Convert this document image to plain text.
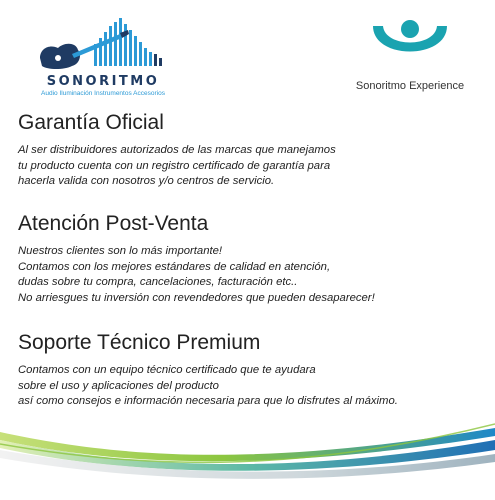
SONORITMO
Audio Iluminación Instrumentos Accesorios
Sonoritmo Experience
Garantía Oficial
Al ser distribuidores autorizados de las marcas que manejamos
tu producto cuenta con un registro certificado de garantía para
hacerla valida con nosotros y/o centros de servicio.
Atención Post-Venta
Nuestros clientes son lo más importante!
Contamos con los mejores estándares de calidad en atención,
dudas sobre tu compra, cancelaciones, facturación etc..
No arriesgues tu inversión con revendedores que pueden desaparecer!
Soporte Técnico Premium
Contamos con un equipo técnico certificado que te ayudara
sobre el uso y aplicaciones del producto
así como consejos e información necesaria para que lo disfrutes al máximo.
